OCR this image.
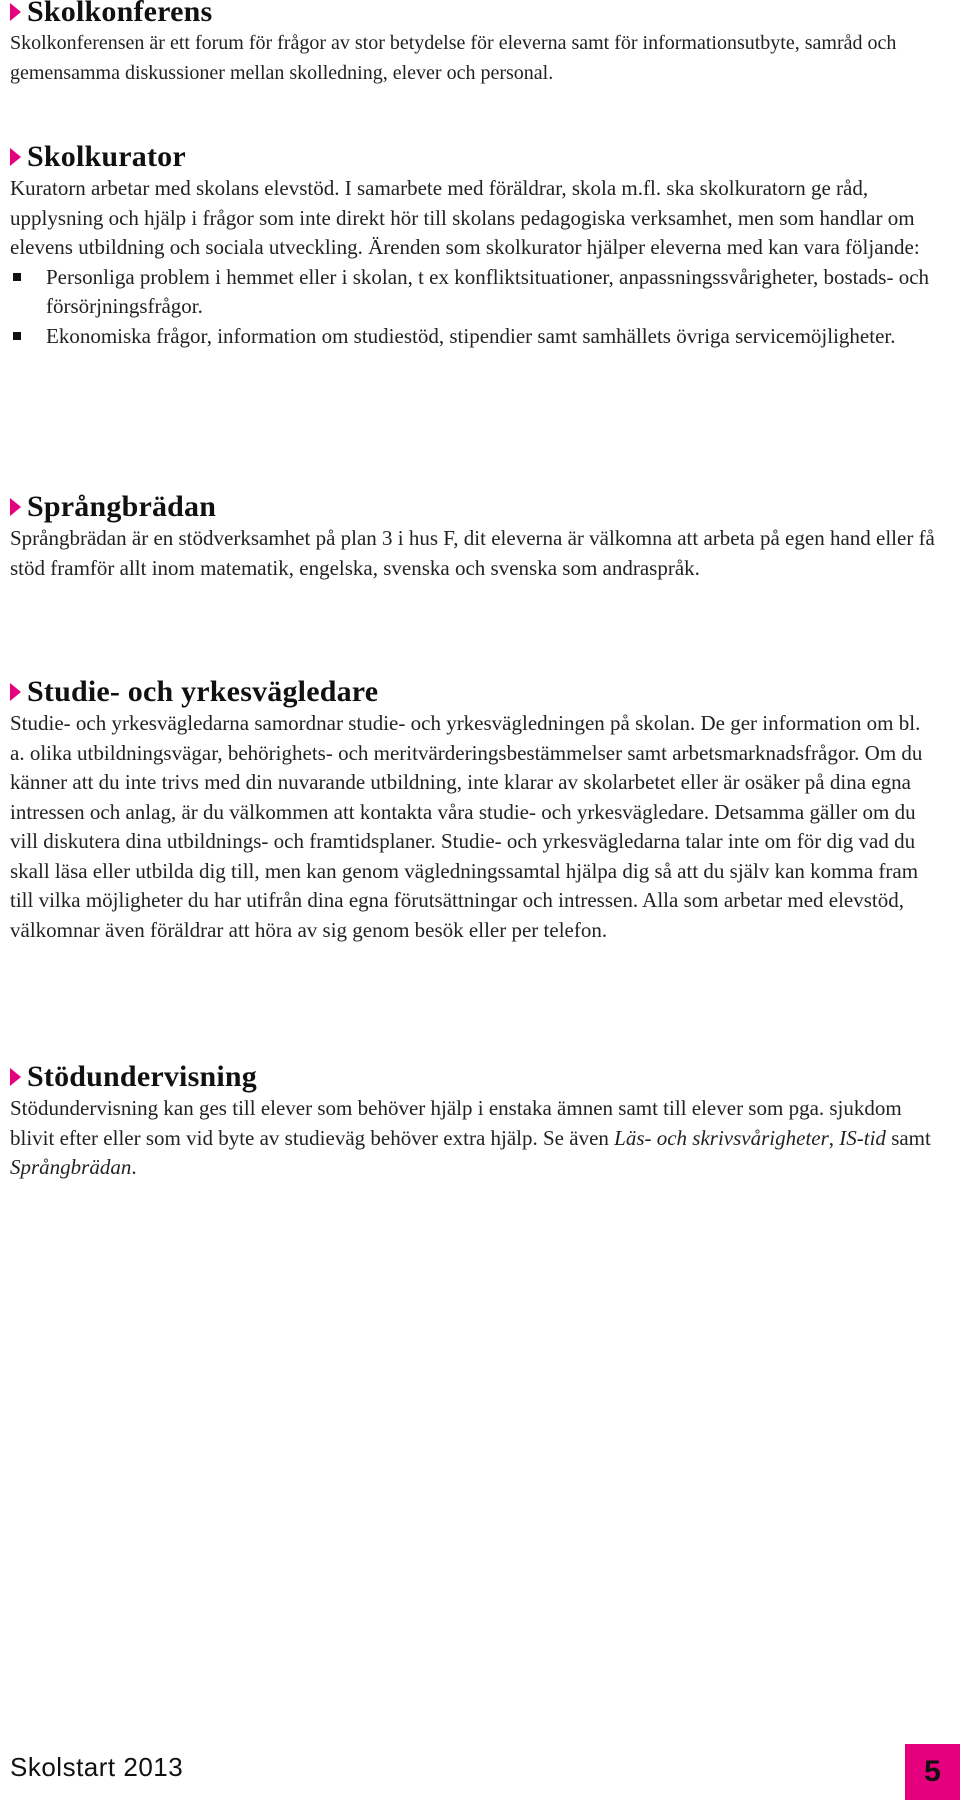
Skolkonferens

Skolkonferensen är ett forum för frågor av stor betydelse för eleverna samt för informationsutbyte, samråd och gemensamma diskussioner mellan skolledning, elever och personal.

Skolkurator

Kuratorn arbetar med skolans elevstöd. I samarbete med föräldrar, skola m.fl. ska skolkuratorn ge råd, upplysning och hjälp i frågor som inte direkt hör till skolans pedagogiska verksamhet, men som handlar om elevens utbildning och sociala utveckling. Ärenden som skolkurator hjälper eleverna med kan vara följande:

Personliga problem i hemmet eller i skolan, t ex konfliktsituationer, anpassningssvårigheter, bostads- och försörjningsfrågor.
Ekonomiska frågor, information om studiestöd, stipendier samt samhällets övriga servicemöjligheter.
Språngbrädan

Språngbrädan är en stödverksamhet på plan 3 i hus F, dit eleverna är välkomna att arbeta på egen hand eller få stöd framför allt inom matematik, engelska, svenska och svenska som andraspråk.

Studie- och yrkesvägledare

Studie- och yrkesvägledarna samordnar studie- och yrkesvägledningen på skolan. De ger information om bl. a. olika utbildningsvägar, behörighets- och meritvärderingsbestämmelser samt arbetsmarknadsfrågor. Om du känner att du inte trivs med din nuvarande utbildning, inte klarar av skolarbetet eller är osäker på dina egna intressen och anlag, är du välkommen att kontakta våra studie- och yrkesvägledare. Detsamma gäller om du vill diskutera dina utbildnings- och framtidsplaner. Studie- och yrkesvägledarna talar inte om för dig vad du skall läsa eller utbilda dig till, men kan genom vägledningssamtal hjälpa dig så att du själv kan komma fram till vilka möjligheter du har utifrån dina egna förutsättningar och intressen. Alla som arbetar med elevstöd, välkomnar även föräldrar att höra av sig genom besök eller per telefon.

Stödundervisning

Stödundervisning kan ges till elever som behöver hjälp i enstaka ämnen samt till elever som pga. sjukdom blivit efter eller som vid byte av studieväg behöver extra hjälp. Se även Läs- och skrivsvårigheter, IS-tid samt Språngbrädan.

Skolstart 2013	5
